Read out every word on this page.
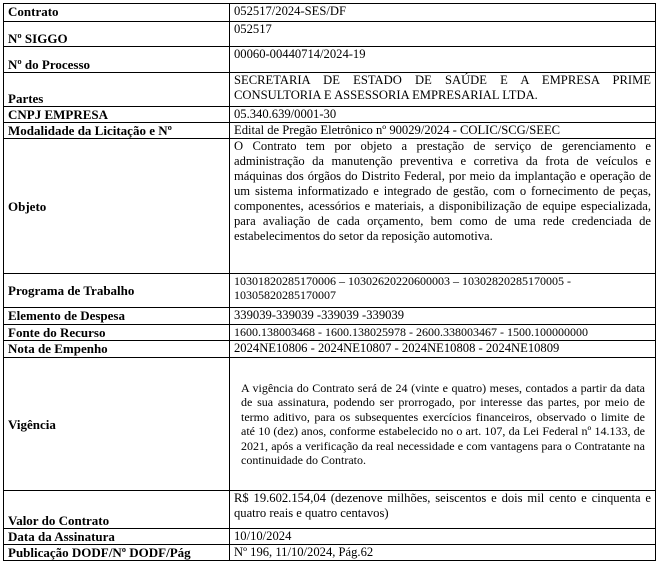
Contrato	052517/2024-SES/DF
Nº SIGGO	052517
Nº do Processo	00060-00440714/2024-19
Partes	SECRETARIA DE ESTADO DE SAÚDE E A EMPRESA PRIME CONSULTORIA E ASSESSORIA EMPRESARIAL LTDA.
CNPJ EMPRESA	05.340.639/0001-30
Modalidade da Licitação e Nº	Edital de Pregão Eletrônico nº 90029/2024 - COLIC/SCG/SEEC
Objeto	O Contrato tem por objeto a prestação de serviço de gerenciamento e administração da manutenção preventiva e corretiva da frota de veículos e máquinas dos órgãos do Distrito Federal, por meio da implantação e operação de um sistema informatizado e integrado de gestão, com o fornecimento de peças, componentes, acessórios e materiais, a disponibilização de equipe especializada, para avaliação de cada orçamento, bem como de uma rede credenciada de estabelecimentos do setor da reposição automotiva.
Programa de Trabalho	10301820285170006 – 10302620220600003 – 10302820285170005 - 10305820285170007
Elemento de Despesa	339039-339039 -339039 -339039
Fonte do Recurso	1600.138003468 - 1600.138025978 - 2600.338003467 - 1500.100000000
Nota de Empenho	2024NE10806 - 2024NE10807 - 2024NE10808 - 2024NE10809
Vigência	A vigência do Contrato será de 24 (vinte e quatro) meses, contados a partir da data de sua assinatura, podendo ser prorrogado, por interesse das partes, por meio de termo aditivo, para os subsequentes exercícios financeiros, observado o limite de até 10 (dez) anos, conforme estabelecido no o art. 107, da Lei Federal nº 14.133, de 2021, após a verificação da real necessidade e com vantagens para o Contratante na continuidade do Contrato.

Valor do Contrato	R$ 19.602.154,04 (dezenove milhões, seiscentos e dois mil cento e cinquenta e quatro reais e quatro centavos)
Data da Assinatura	10/10/2024
Publicação DODF/Nº DODF/Pág	Nº 196, 11/10/2024, Pág.62
